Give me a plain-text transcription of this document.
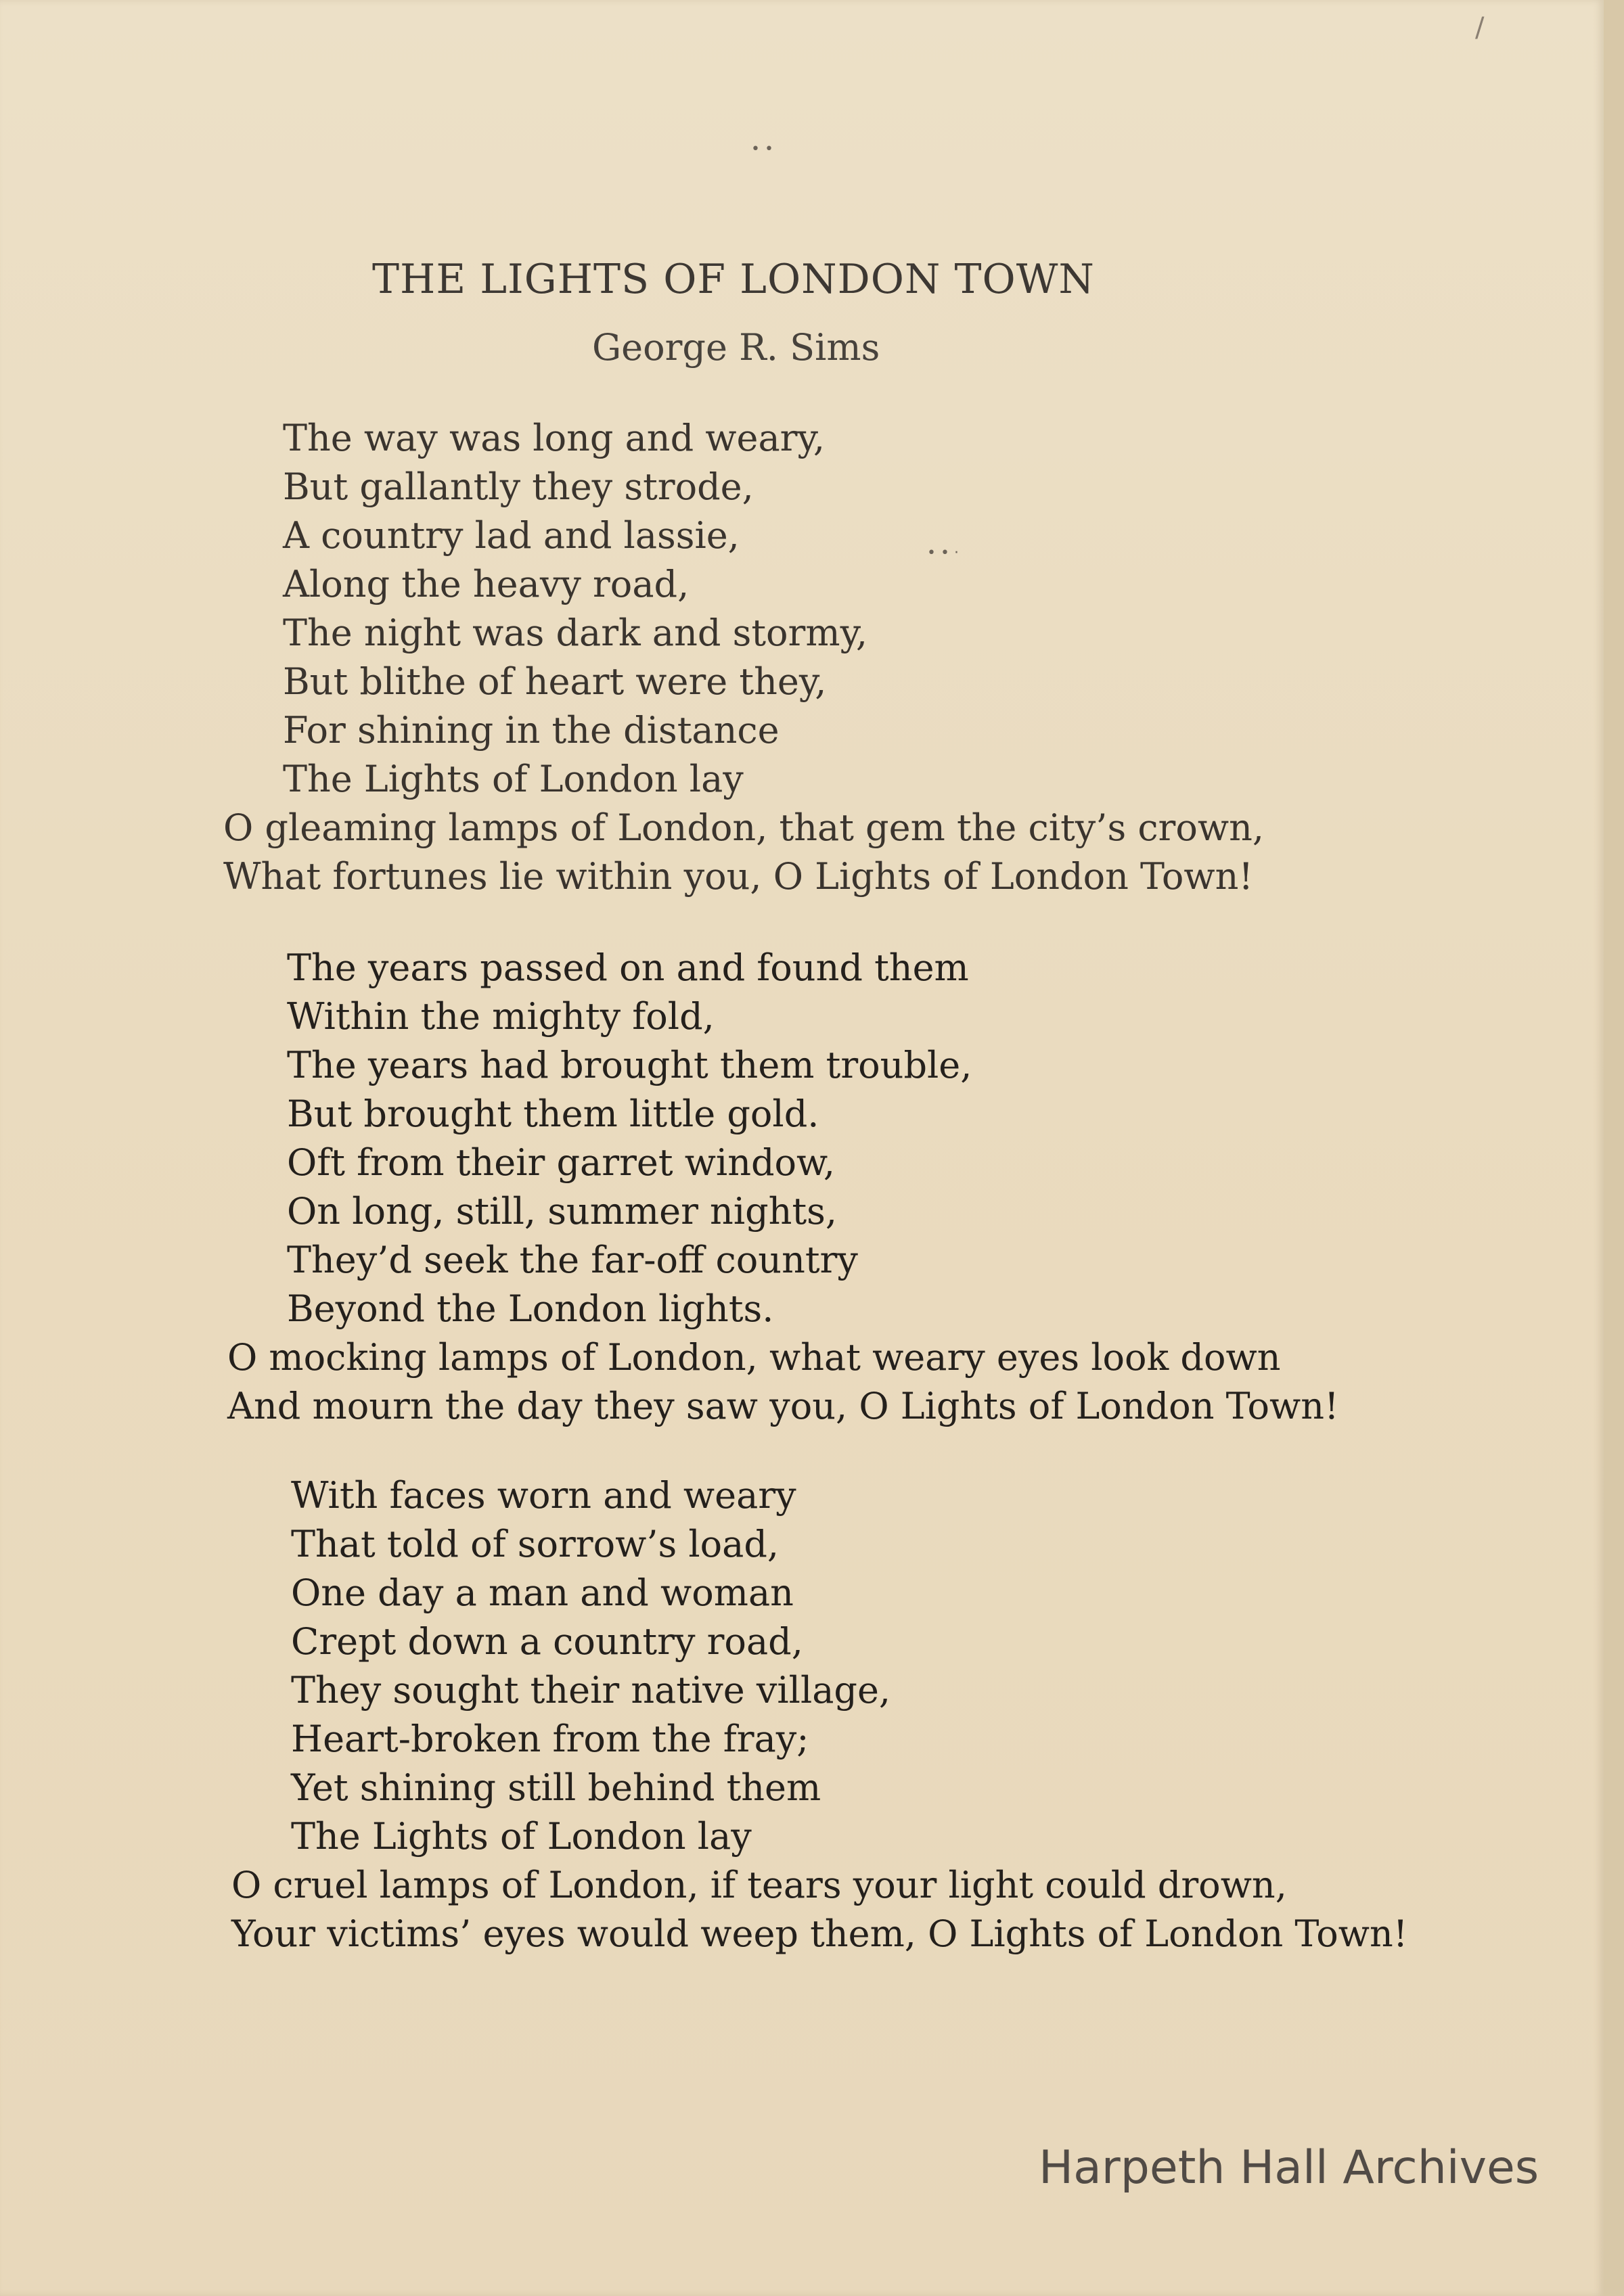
• •
• • ·
/
THE LIGHTS OF LONDON TOWN
George R. Sims
The way was long and weary,
But gallantly they strode,
A country lad and lassie,
Along the heavy road,
The night was dark and stormy,
But blithe of heart were they,
For shining in the distance
The Lights of London lay
O gleaming lamps of London, that gem the city’s crown,
What fortunes lie within you, O Lights of London Town!
The years passed on and found them
Within the mighty fold,
The years had brought them trouble,
But brought them little gold.
Oft from their garret window,
On long, still, summer nights,
They’d seek the far-off country
Beyond the London lights.
O mocking lamps of London, what weary eyes look down
And mourn the day they saw you, O Lights of London Town!
With faces worn and weary
That told of sorrow’s load,
One day a man and woman
Crept down a country road,
They sought their native village,
Heart-broken from the fray;
Yet shining still behind them
The Lights of London lay
O cruel lamps of London, if tears your light could drown,
Your victims’ eyes would weep them, O Lights of London Town!
Harpeth Hall Archives
